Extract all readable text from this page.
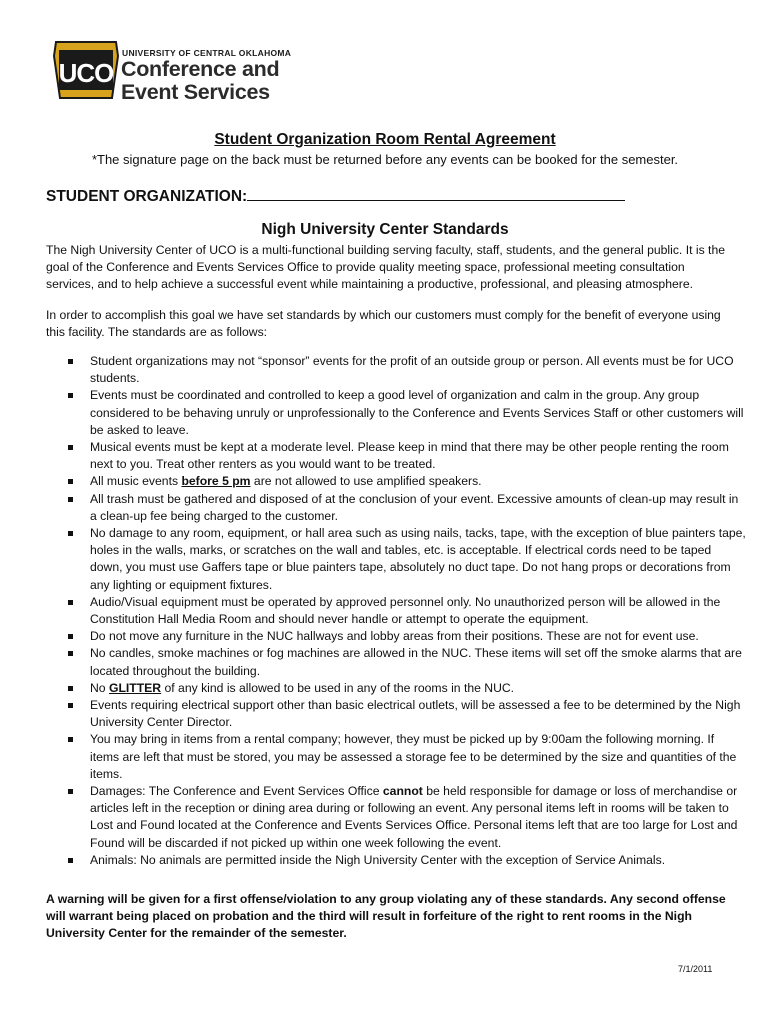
UCO
UNIVERSITY OF CENTRAL OKLAHOMA
Conference and
Event Services
Student Organization Room Rental Agreement
*The signature page on the back must be returned before any events can be booked for the semester.
STUDENT ORGANIZATION:
Nigh University Center Standards
The Nigh University Center of UCO is a multi-functional building serving faculty, staff, students, and the general public. It is the goal of the Conference and Events Services Office to provide quality meeting space, professional meeting consultation services, and to help achieve a successful event while maintaining a productive, professional, and pleasing atmosphere.
In order to accomplish this goal we have set standards by which our customers must comply for the benefit of everyone using this facility. The standards are as follows:
Student organizations may not “sponsor” events for the profit of an outside group or person. All events must be for UCO students.
Events must be coordinated and controlled to keep a good level of organization and calm in the group. Any group considered to be behaving unruly or unprofessionally to the Conference and Events Services Staff or other customers will be asked to leave.
Musical events must be kept at a moderate level. Please keep in mind that there may be other people renting the room next to you. Treat other renters as you would want to be treated.
All music events before 5 pm are not allowed to use amplified speakers.
All trash must be gathered and disposed of at the conclusion of your event. Excessive amounts of clean-up may result in a clean-up fee being charged to the customer.
No damage to any room, equipment, or hall area such as using nails, tacks, tape, with the exception of blue painters tape, holes in the walls, marks, or scratches on the wall and tables, etc. is acceptable. If electrical cords need to be taped down, you must use Gaffers tape or blue painters tape, absolutely no duct tape. Do not hang props or decorations from any lighting or equipment fixtures.
Audio/Visual equipment must be operated by approved personnel only. No unauthorized person will be allowed in the Constitution Hall Media Room and should never handle or attempt to operate the equipment.
Do not move any furniture in the NUC hallways and lobby areas from their positions. These are not for event use.
No candles, smoke machines or fog machines are allowed in the NUC. These items will set off the smoke alarms that are located throughout the building.
No GLITTER of any kind is allowed to be used in any of the rooms in the NUC.
Events requiring electrical support other than basic electrical outlets, will be assessed a fee to be determined by the Nigh University Center Director.
You may bring in items from a rental company; however, they must be picked up by 9:00am the following morning. If items are left that must be stored, you may be assessed a storage fee to be determined by the size and quantities of the items.
Damages: The Conference and Event Services Office cannot be held responsible for damage or loss of merchandise or articles left in the reception or dining area during or following an event. Any personal items left in rooms will be taken to Lost and Found located at the Conference and Events Services Office. Personal items left that are too large for Lost and Found will be discarded if not picked up within one week following the event.
Animals: No animals are permitted inside the Nigh University Center with the exception of Service Animals.
A warning will be given for a first offense/violation to any group violating any of these standards. Any second offense will warrant being placed on probation and the third will result in forfeiture of the right to rent rooms in the Nigh University Center for the remainder of the semester.
7/1/2011
